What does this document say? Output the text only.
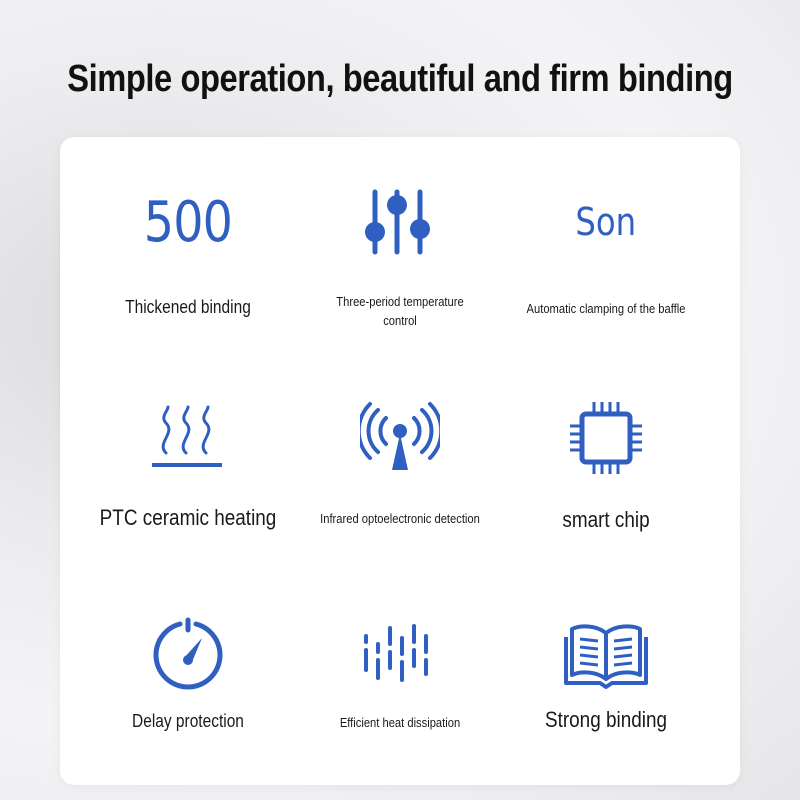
Simple operation, beautiful and firm binding
500
Thickened binding	Three-period temperature control
Son
Automatic clamping of the baffle
PTC ceramic heating	Infrared optoelectronic detection	smart chip
Delay protection	Efficient heat dissipation	Strong binding
